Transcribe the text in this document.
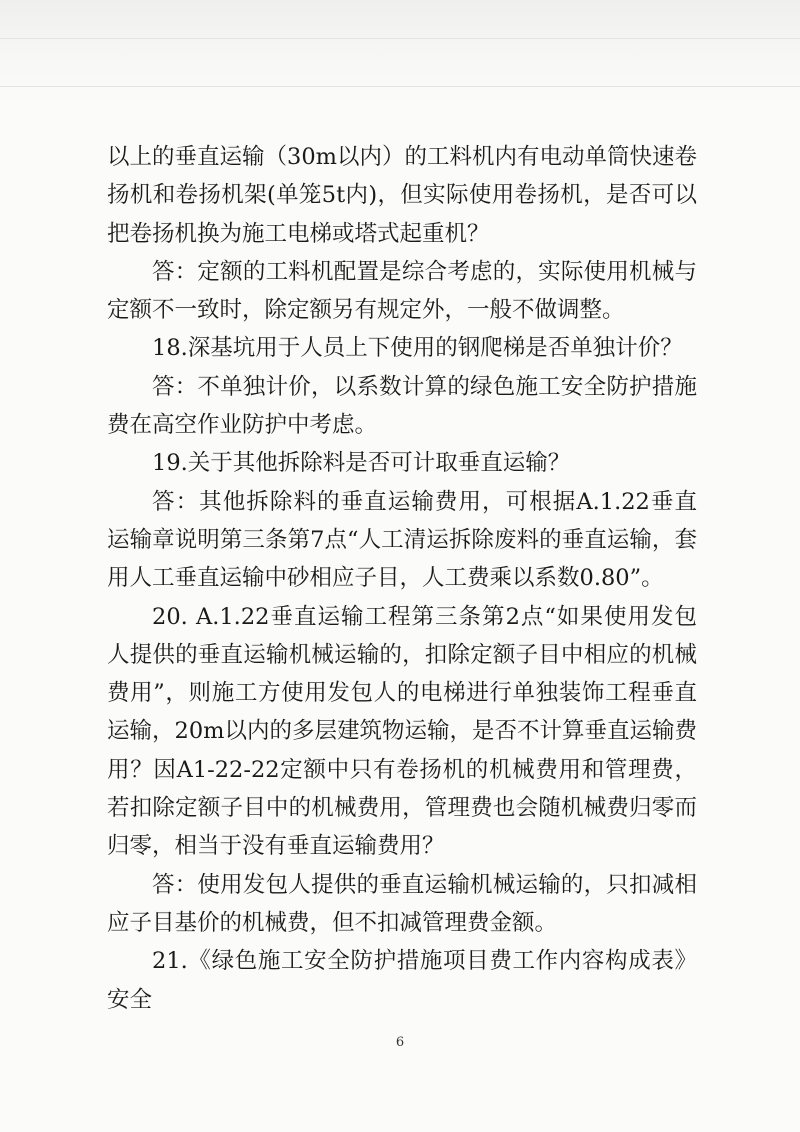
以上的垂直运输（30m以内）的工料机内有电动单筒快速卷扬机和卷扬机架(单笼5t内)，但实际使用卷扬机，是否可以把卷扬机换为施工电梯或塔式起重机？

答：定额的工料机配置是综合考虑的，实际使用机械与定额不一致时，除定额另有规定外，一般不做调整。

18.深基坑用于人员上下使用的钢爬梯是否单独计价？

答：不单独计价，以系数计算的绿色施工安全防护措施费在高空作业防护中考虑。

19.关于其他拆除料是否可计取垂直运输？

答：其他拆除料的垂直运输费用，可根据A.1.22垂直运输章说明第三条第7点“人工清运拆除废料的垂直运输，套用人工垂直运输中砂相应子目，人工费乘以系数0.80”。

20. A.1.22垂直运输工程第三条第2点“如果使用发包人提供的垂直运输机械运输的，扣除定额子目中相应的机械费用”，则施工方使用发包人的电梯进行单独装饰工程垂直运输，20m以内的多层建筑物运输，是否不计算垂直运输费用？因A1-22-22定额中只有卷扬机的机械费用和管理费，若扣除定额子目中的机械费用，管理费也会随机械费归零而归零，相当于没有垂直运输费用？

答：使用发包人提供的垂直运输机械运输的，只扣减相应子目基价的机械费，但不扣减管理费金额。

21.《绿色施工安全防护措施项目费工作内容构成表》安全

6
